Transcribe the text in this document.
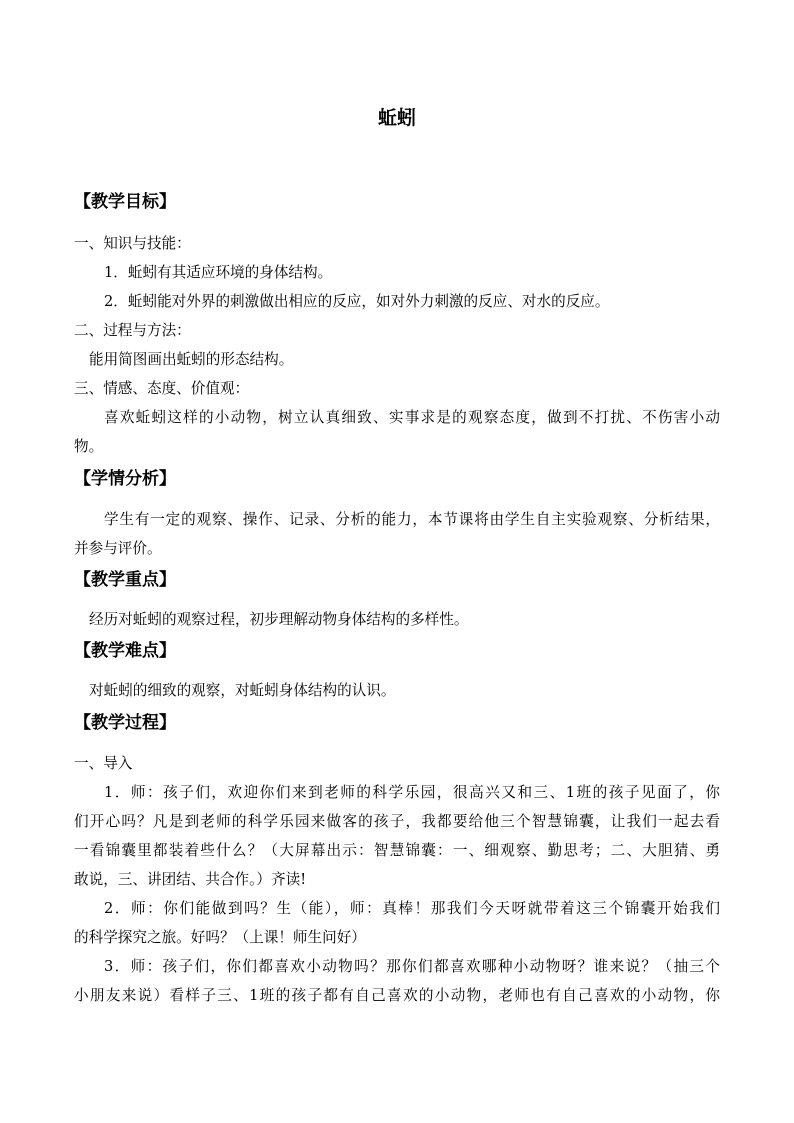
蚯蚓
【教学目标】
一、知识与技能：
1．蚯蚓有其适应环境的身体结构。
2．蚯蚓能对外界的刺激做出相应的反应，如对外力刺激的反应、对水的反应。
二、过程与方法：
能用简图画出蚯蚓的形态结构。
三、情感、态度、价值观：
喜欢蚯蚓这样的小动物，树立认真细致、实事求是的观察态度，做到不打扰、不伤害小动
物。
【学情分析】
学生有一定的观察、操作、记录、分析的能力，本节课将由学生自主实验观察、分析结果，
并参与评价。
【教学重点】
经历对蚯蚓的观察过程，初步理解动物身体结构的多样性。
【教学难点】
对蚯蚓的细致的观察，对蚯蚓身体结构的认识。
【教学过程】
一、导入
1．师：孩子们，欢迎你们来到老师的科学乐园，很高兴又和三、1班的孩子见面了，你
们开心吗？凡是到老师的科学乐园来做客的孩子，我都要给他三个智慧锦囊，让我们一起去看
一看锦囊里都装着些什么？（大屏幕出示：智慧锦囊：一、细观察、勤思考；二、大胆猜、勇
敢说，三、讲团结、共合作。）齐读!
2．师：你们能做到吗？生（能），师：真棒！那我们今天呀就带着这三个锦囊开始我们
的科学探究之旅。好吗？（上课！师生问好）
3．师：孩子们，你们都喜欢小动物吗？那你们都喜欢哪种小动物呀？谁来说？（抽三个
小朋友来说）看样子三、1班的孩子都有自己喜欢的小动物，老师也有自己喜欢的小动物，你
